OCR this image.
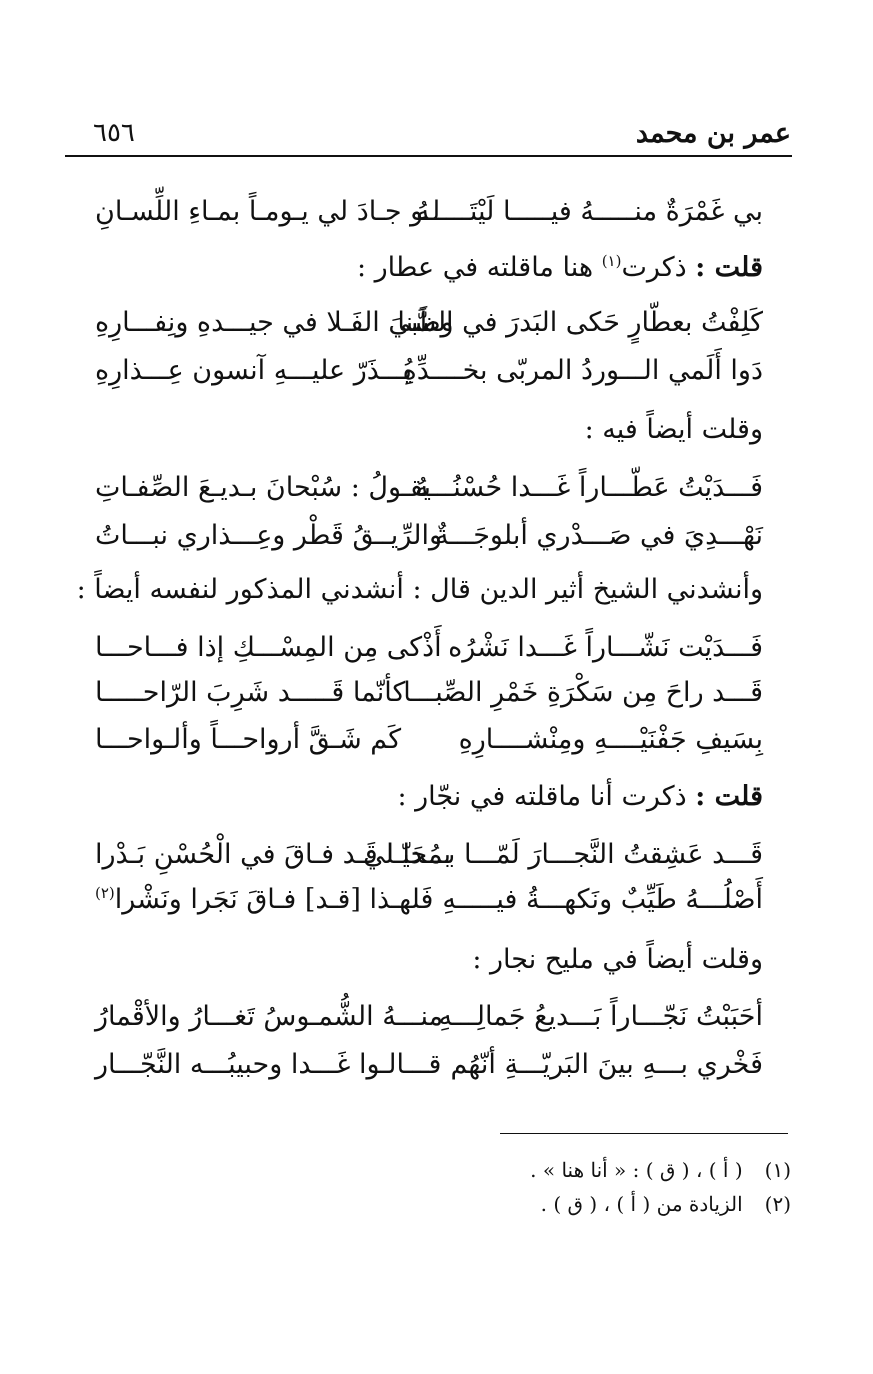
عمر بن محمد
٦٥٦
بي غَمْرَةٌ منـــــهُ فيـــــا لَيْتَـــــهُ
لـو جـادَ لي يـومـاً بمـاءِ اللِّسـانِ
قلت : ذكرت$^{(١)}$ هنا ماقلته في عطار :
كَلِفْتُ بعطّارٍ حَكى البَدرَ في السَّنا
وظَبيَ الفَـلا في جيـــدهِ ونِفـــارِهِ
دَوا أَلَمي الـــوردُ المربّى بخــــدِّهِ
يُـــذَرّ عليـــهِ آنسون عِـــذارِهِ
وقلت أيضاً فيه :
فَـــدَيْتُ عَطّـــاراً غَـــدا حُسْنُـــهُ
يقـولُ : سُبْحانَ بـديـعَ الصِّفـاتِ
نَهْـــدِيَ في صَـــدْري أبلوجَـــةٌ
والرِّيــقُ قَطْر وعِـــذاري نبـــاتُ
وأنشدني الشيخ أثير الدين قال : أنشدني المذكور لنفسه أيضاً :
فَـــدَيْت نَشّـــاراً غَـــدا نَشْرُه
أَذْكى مِن المِسْـــكِ إذا فـــاحـــا
قَـــد راحَ مِن سَكْرَةِ خَمْرِ الصِّبـــا
كأنّما قَـــــد شَرِبَ الرّاحـــــا
بِسَيفِ جَفْنَيْــــهِ ومِنْشــــارِهِ
كَم شَـقَّ أرواحـــاً وألـواحـــا
قلت : ذكرت أنا ماقلته في نجّار :
قَـــد عَشِقتُ النَّجـــارَ لَمّـــا بـــدا لي
بمُحَيّـا قَـد فـاقَ في الْحُسْنِ بَـدْرا
أَصْلُـــهُ طَيِّبٌ ونَكهـــةُ فيـــــهِ
فَلهـذا [قـد] فـاقَ نَجَرا ونَشْرا$^{(٢)}$
وقلت أيضاً في مليح نجار :
أحَبَبْتُ نَجّـــاراً بَـــديعُ جَمالِـــهِ
منـــهُ الشُّمـوسُ تَغـــارُ والأقْمارُ
فَخْري بـــهِ بينَ البَريّـــةِ أنّهُم
قـــالـوا غَـــدا وحبيبُـــه النَّجّـــار
(١) ( أ ) ، ( ق ) : « أنا هنا » .
(٢) الزيادة من ( أ ) ، ( ق ) .
